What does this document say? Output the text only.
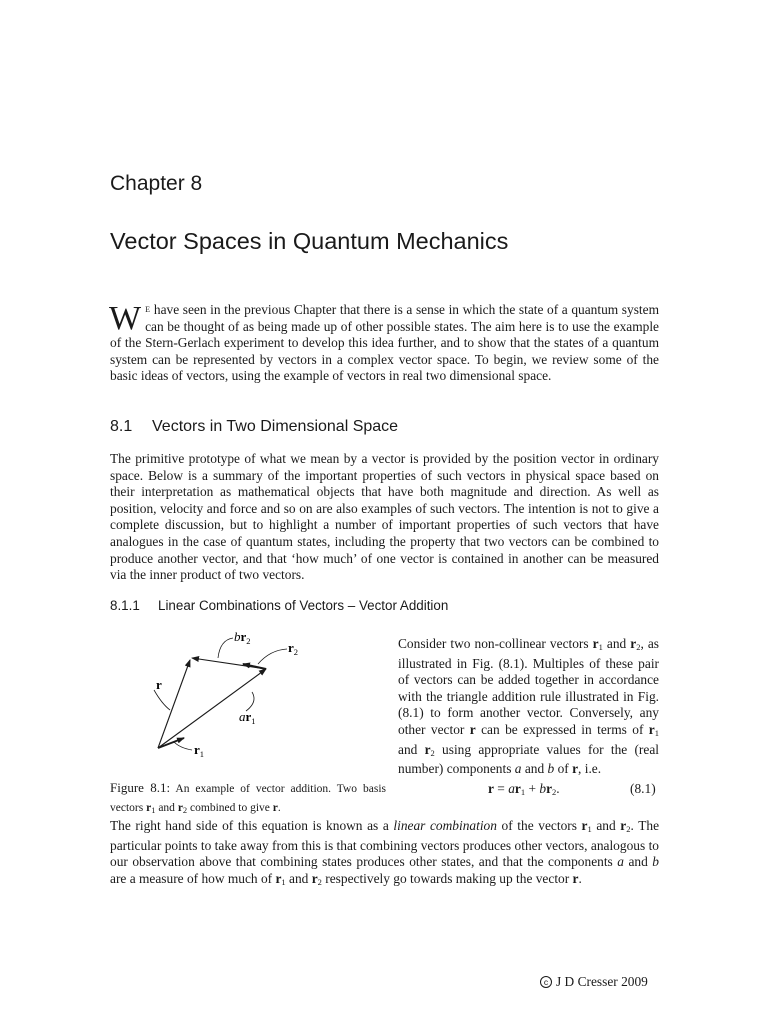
Chapter 8
Vector Spaces in Quantum Mechanics

W E have seen in the previous Chapter that there is a sense in which the state of a quantum system can be thought of as being made up of other possible states. The aim here is to use the example of the Stern-Gerlach experiment to develop this idea further, and to show that the states of a quantum system can be represented by vectors in a complex vector space. To begin, we review some of the basic ideas of vectors, using the example of vectors in real two dimensional space.

8.1 Vectors in Two Dimensional Space

The primitive prototype of what we mean by a vector is provided by the position vector in ordinary space. Below is a summary of the important properties of such vectors in physical space based on their interpretation as mathematical objects that have both magnitude and direction. As well as position, velocity and force and so on are also examples of such vectors. The intention is not to give a complete discussion, but to highlight a number of important properties of such vectors that have analogues in the case of quantum states, including the property that two vectors can be combined to produce another vector, and that ‘how much’ of one vector is contained in another can be measured via the inner product of two vectors.

8.1.1 Linear Combinations of Vectors – Vector Addition
$br_2$	$r_2$
r
$ar_1$
$r_1$

Consider two non-collinear vectors $r_1$ and $r_2$, as illustrated in Fig. (8.1). Multiples of these pair of vectors can be added together in accordance with the triangle addition rule illustrated in Fig. (8.1) to form another vector. Conversely, any other vector r can be expressed in terms of $r_1$ and $r_2$ using appropriate values for the (real number) components a and b of r, i.e.

Figure 8.1: An example of vector addition. Two basis vectors $r_1$ and $r_2$ combined to give r.
$r = ar_1 + br_2$.	(8.1)

The right hand side of this equation is known as a linear combination of the vectors $r_1$ and $r_2$. The particular points to take away from this is that combining vectors produces other vectors, analogous to our observation above that combining states produces other states, and that the components a and b are a measure of how much of $r_1$ and $r_2$ respectively go towards making up the vector r.

c J D Cresser 2009
